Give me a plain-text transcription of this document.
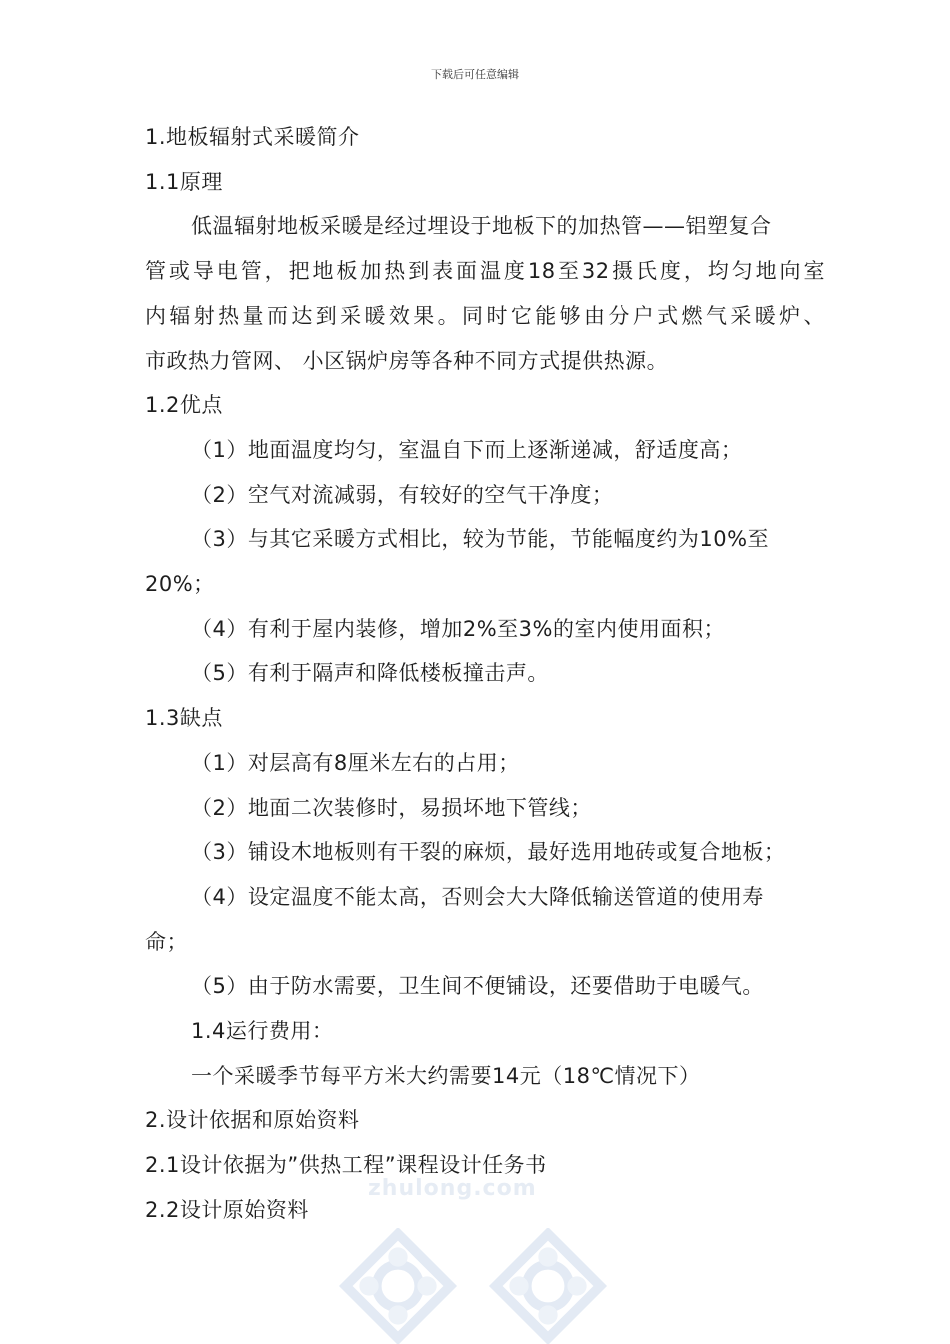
下载后可任意编辑
1.地板辐射式采暖简介
1.1原理
低温辐射地板采暖是经过埋设于地板下的加热管——铝塑复合
管或导电管，把地板加热到表面温度18至32摄氏度，均匀地向室
内辐射热量而达到采暖效果。同时它能够由分户式燃气采暖炉、
市政热力管网、 小区锅炉房等各种不同方式提供热源。
1.2优点
（1）地面温度均匀，室温自下而上逐渐递减，舒适度高；
（2）空气对流减弱，有较好的空气干净度；
（3）与其它采暖方式相比，较为节能，节能幅度约为10%至
20%；
（4）有利于屋内装修，增加2%至3%的室内使用面积；
（5）有利于隔声和降低楼板撞击声。
1.3缺点
（1）对层高有8厘米左右的占用；
（2）地面二次装修时，易损坏地下管线；
（3）铺设木地板则有干裂的麻烦，最好选用地砖或复合地板；
（4）设定温度不能太高，否则会大大降低输送管道的使用寿
命；
（5）由于防水需要，卫生间不便铺设，还要借助于电暖气。
1.4运行费用：
一个采暖季节每平方米大约需要14元（18℃情况下）
2.设计依据和原始资料
2.1设计依据为”供热工程”课程设计任务书
2.2设计原始资料
zhulong.com
